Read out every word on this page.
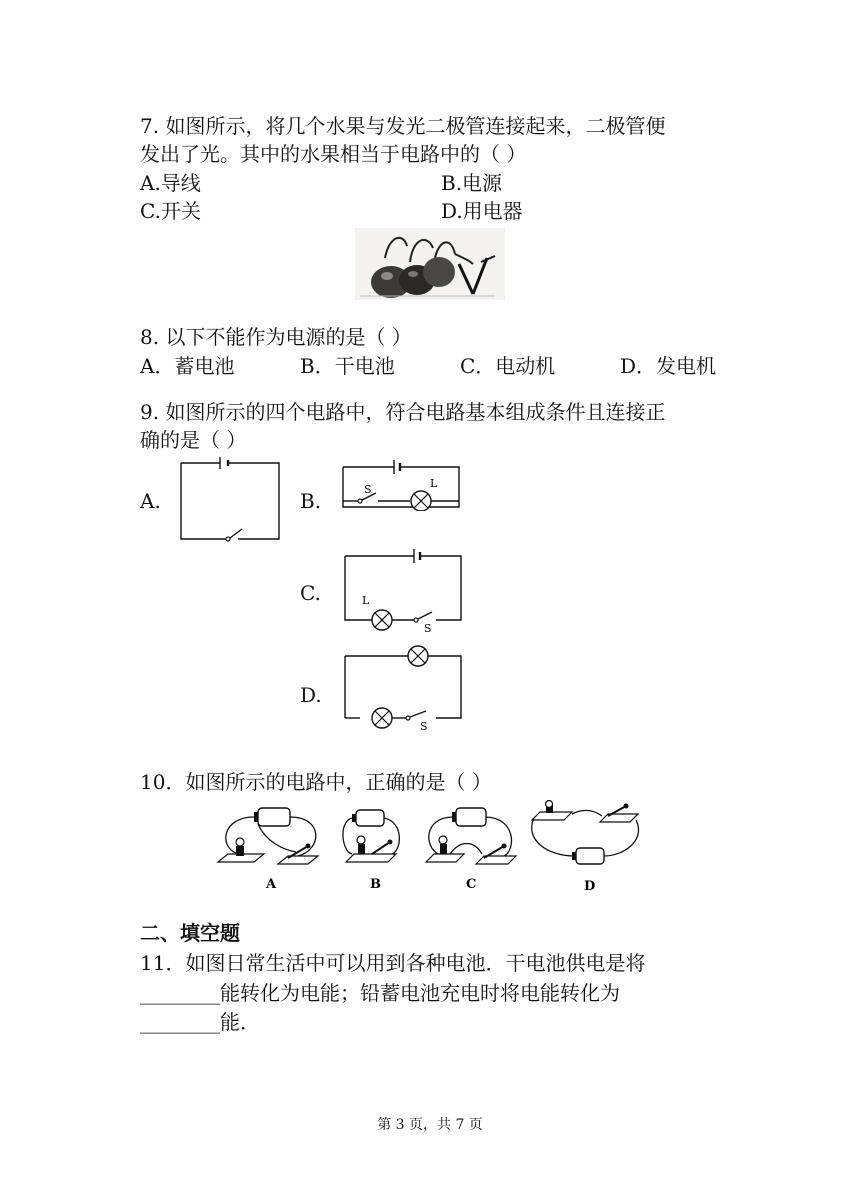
7. 如图所示，将几个水果与发光二极管连接起来，二极管便
发出了光。其中的水果相当于电路中的（ ）
A.导线	B.电源
C.开关	D.用电器
8. 以下不能作为电源的是（ ）
A．蓄电池	B．干电池	C．电动机	D．发电机
9. 如图所示的四个电路中，符合电路基本组成条件且连接正
确的是（ ）
A.	B.	S	L
C.	L
S
D.
S
10．如图所示的电路中，正确的是（ ）
A	B	C	D
二、填空题
11．如图日常生活中可以用到各种电池．干电池供电是将
________能转化为电能；铅蓄电池充电时将电能转化为
________能．
第 3 页，共 7 页
